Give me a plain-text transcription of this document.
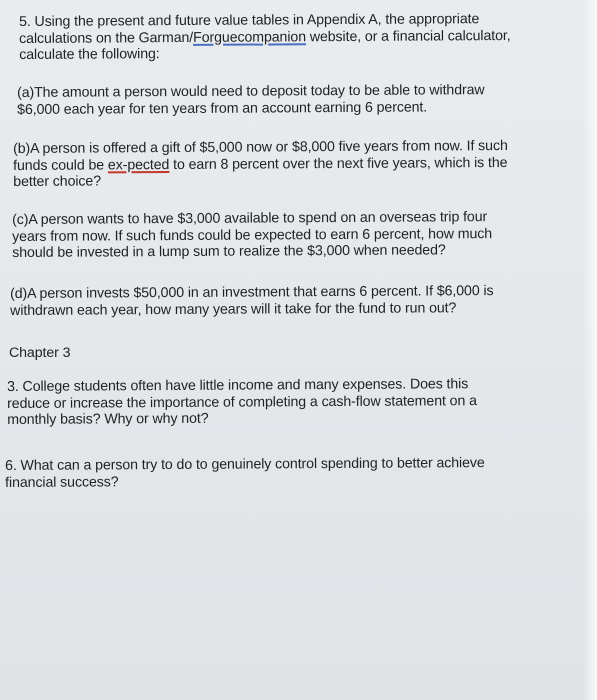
5. Using the present and future value tables in Appendix A, the appropriate
calculations on the Garman/Forguecompanion website, or a financial calculator,
calculate the following:

(a)The amount a person would need to deposit today to be able to withdraw
$6,000 each year for ten years from an account earning 6 percent.

(b)A person is offered a gift of $5,000 now or $8,000 five years from now. If such
funds could be ex-pected to earn 8 percent over the next five years, which is the
better choice?

(c)A person wants to have $3,000 available to spend on an overseas trip four
years from now. If such funds could be expected to earn 6 percent, how much
should be invested in a lump sum to realize the $3,000 when needed?

(d)A person invests $50,000 in an investment that earns 6 percent. If $6,000 is
withdrawn each year, how many years will it take for the fund to run out?

Chapter 3

3. College students often have little income and many expenses. Does this
reduce or increase the importance of completing a cash-flow statement on a
monthly basis? Why or why not?

6. What can a person try to do to genuinely control spending to better achieve
financial success?
